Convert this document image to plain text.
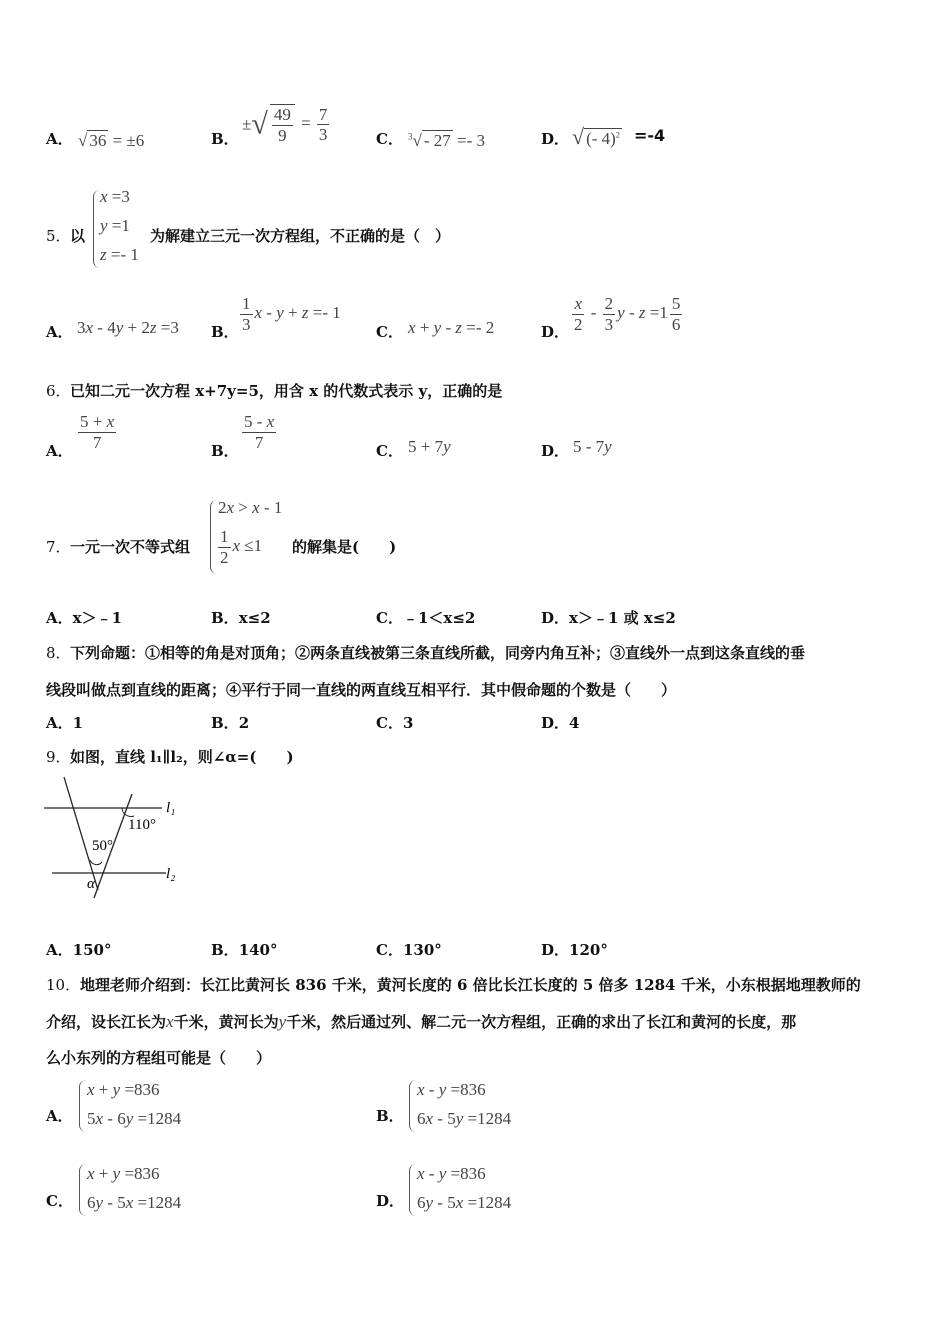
A． √ 36 = ±6	B．
±√ $\frac{49}{9} = \frac{7}{3}$	C． $^3$√ - 27 =- 3	D． √ (- 4)$^2$ =-4
5． 以
x =3
y =1
z =- 1
为解建立三元一次方程组，不正确的是（　）
A． 3x - 4y + 2z =3 B． $\frac{1}{3}$ x - y + z =- 1
C． x + y - z =- 2	D． $\frac{x}{2} - \frac{2}{3}$ $y - z =1 \frac{5}{6}$
6． 已知二元一次方程 x+7y=5，用含 x 的代数式表示 y，正确的是
A． $\frac{5 + x}{7}$	B． $\frac{5 - x}{7}$	C． 5 + 7y	D． 5 - 7y
7． 一元一次不等式组
2x > x - 1
$\frac{1}{2}$ x ≤1 的解集是(　　)
A．x＞﹣1	B．x≤2	C．﹣1＜x≤2	D．x＞﹣1 或 x≤2
8． 下列命题：①相等的角是对顶角；②两条直线被第三条直线所截，同旁内角互补；③直线外一点到这条直线的垂
线段叫做点到直线的距离；④平行于同一直线的两直线互相平行．其中假命题的个数是（　　）
A．1	B．2	C．3	D．4
9． 如图，直线 l₁∥l₂，则∠α=(　　)
l₁
l₂
110°
50°
α
A．150°	B．140°	C．130°	D．120°
10． 地理老师介绍到：长江比黄河长 836 千米，黄河长度的 6 倍比长江长度的 5 倍多 1284 千米，小东根据地理教师的
介绍，设长江长为x千米，黄河长为y千米，然后通过列、解二元一次方程组，正确的求出了长江和黄河的长度，那
么小东列的方程组可能是（　　）
A．
x + y =836
5x - 6y =1284	B．
x - y =836
6x - 5y =1284
C．
x + y =836
6y - 5x =1284	D．
x - y =836
6y - 5x =1284
